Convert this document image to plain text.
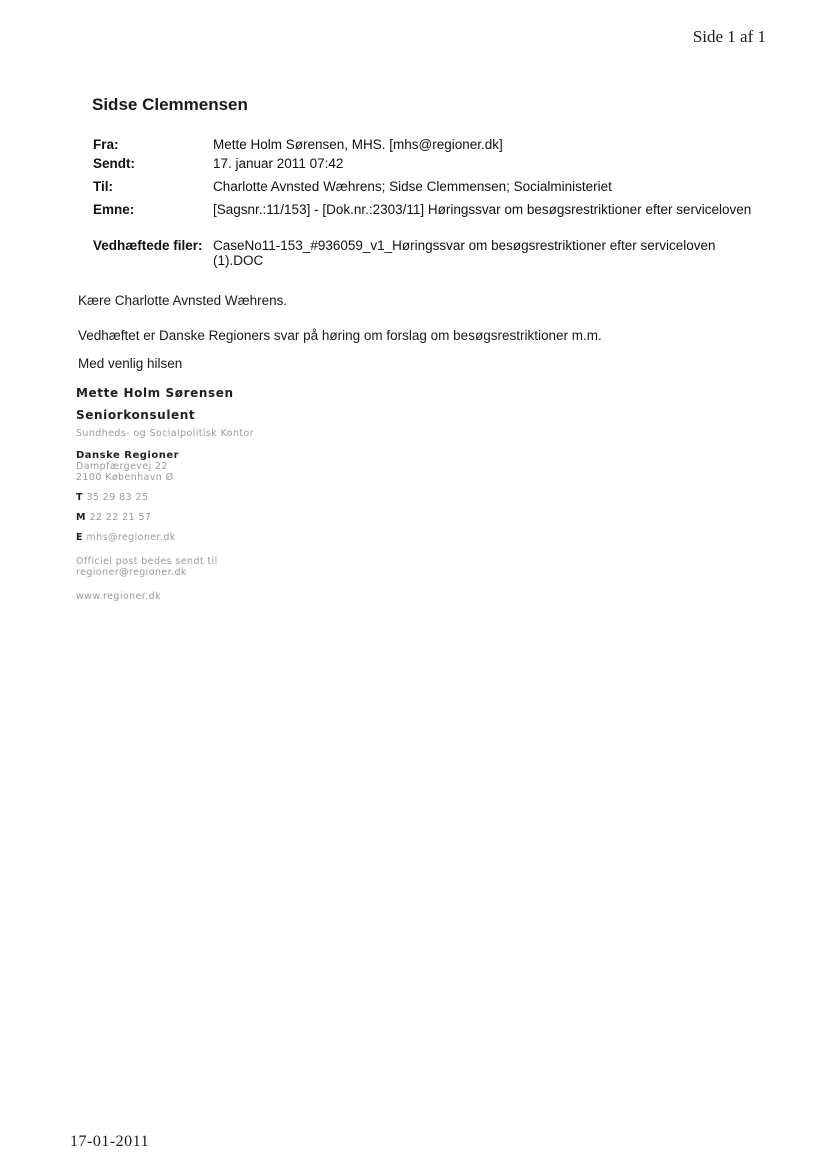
Side 1 af 1
Sidse Clemmensen
Fra:	Mette Holm Sørensen, MHS. [mhs@regioner.dk]
Sendt:	17. januar 2011 07:42
Til:	Charlotte Avnsted Wæhrens; Sidse Clemmensen; Socialministeriet
Emne:	[Sagsnr.:11/153] - [Dok.nr.:2303/11] Høringssvar om besøgsrestriktioner efter serviceloven
Vedhæftede filer:	CaseNo11-153_#936059_v1_Høringssvar om besøgsrestriktioner efter serviceloven (1).DOC
Kære Charlotte Avnsted Wæhrens.
Vedhæftet er Danske Regioners svar på høring om forslag om besøgsrestriktioner m.m.
Med venlig hilsen
Mette Holm Sørensen
Seniorkonsulent
Sundheds- og Socialpolitisk Kontor
Danske Regioner
Dampfærgevej 22
2100 København Ø
T 35 29 83 25
M 22 22 21 57
E mhs@regioner.dk
Officiel post bedes sendt til
regioner@regioner.dk
www.regioner.dk
17-01-2011
